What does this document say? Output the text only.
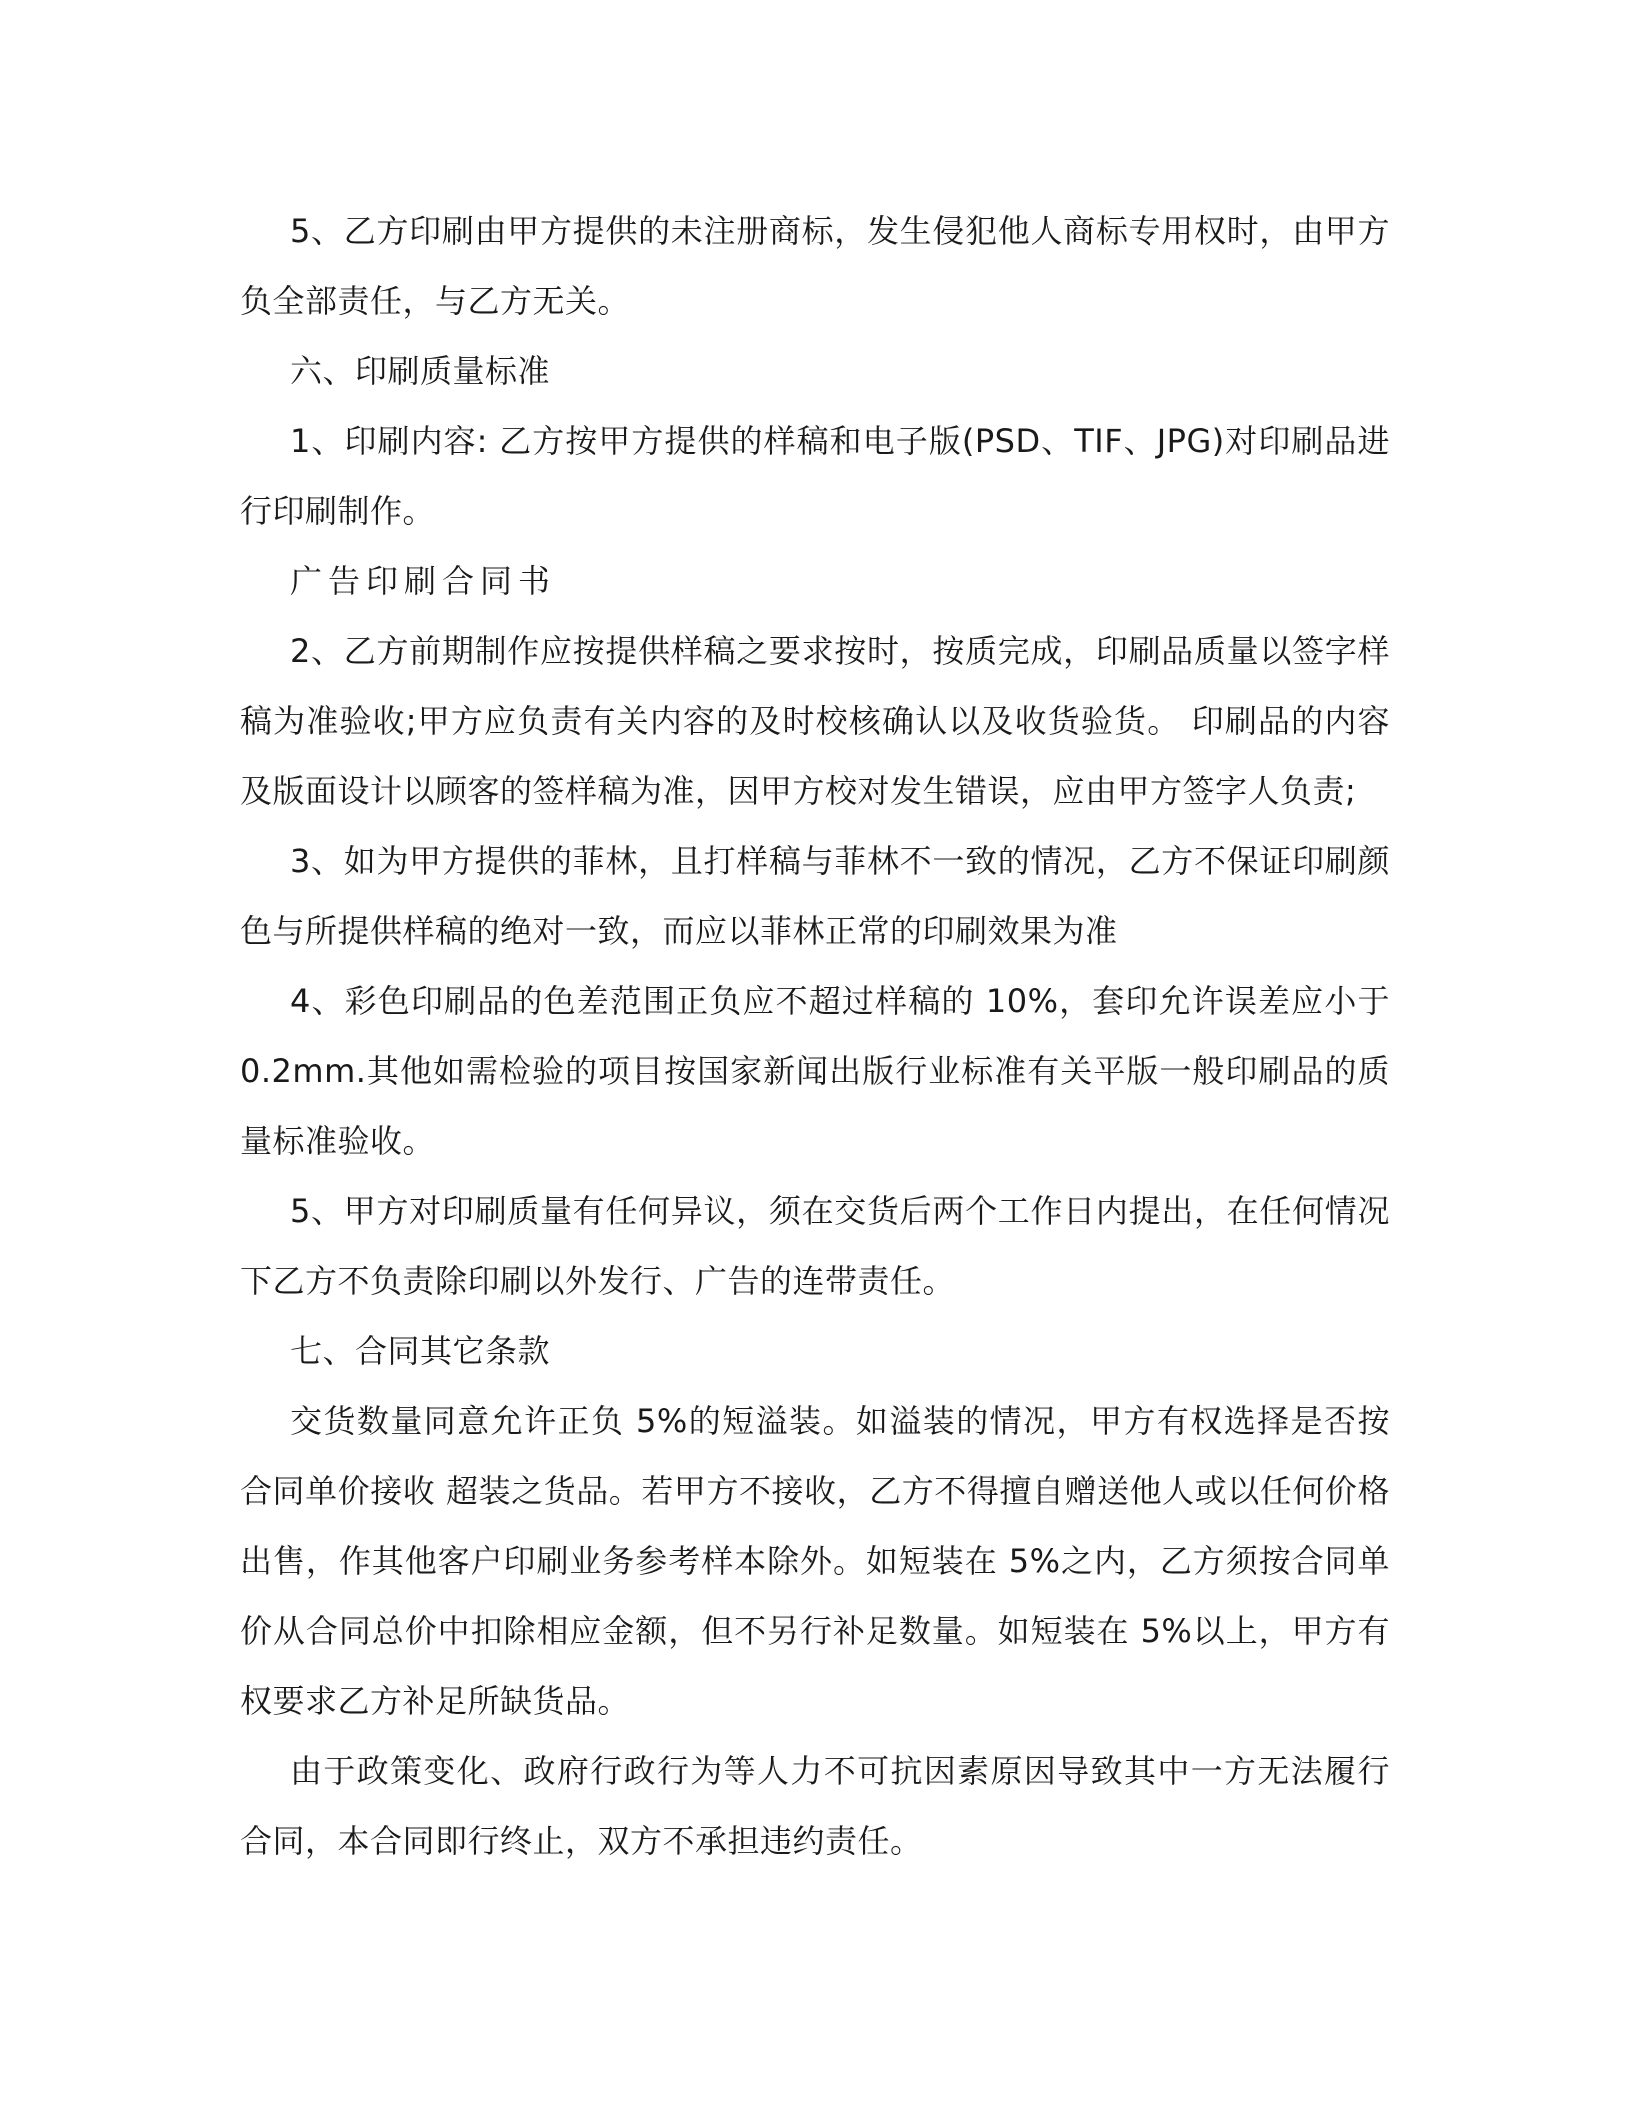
5、乙方印刷由甲方提供的未注册商标，发生侵犯他人商标专用权时，由甲方负全部责任，与乙方无关。

六、印刷质量标准

1、印刷内容: 乙方按甲方提供的样稿和电子版(PSD、TIF、JPG)对印刷品进行印刷制作。

广告印刷合同书

2、乙方前期制作应按提供样稿之要求按时，按质完成，印刷品质量以签字样稿为准验收;甲方应负责有关内容的及时校核确认以及收货验货。 印刷品的内容及版面设计以顾客的签样稿为准，因甲方校对发生错误，应由甲方签字人负责;

3、如为甲方提供的菲林，且打样稿与菲林不一致的情况，乙方不保证印刷颜色与所提供样稿的绝对一致，而应以菲林正常的印刷效果为准

4、彩色印刷品的色差范围正负应不超过样稿的 10%，套印允许误差应小于 0.2mm.其他如需检验的项目按国家新闻出版行业标准有关平版一般印刷品的质量标准验收。

5、甲方对印刷质量有任何异议，须在交货后两个工作日内提出，在任何情况下乙方不负责除印刷以外发行、广告的连带责任。

七、合同其它条款

交货数量同意允许正负 5%的短溢装。如溢装的情况，甲方有权选择是否按合同单价接收 超装之货品。若甲方不接收，乙方不得擅自赠送他人或以任何价格出售，作其他客户印刷业务参考样本除外。如短装在 5%之内，乙方须按合同单价从合同总价中扣除相应金额，但不另行补足数量。如短装在 5%以上，甲方有权要求乙方补足所缺货品。

由于政策变化、政府行政行为等人力不可抗因素原因导致其中一方无法履行合同，本合同即行终止，双方不承担违约责任。
